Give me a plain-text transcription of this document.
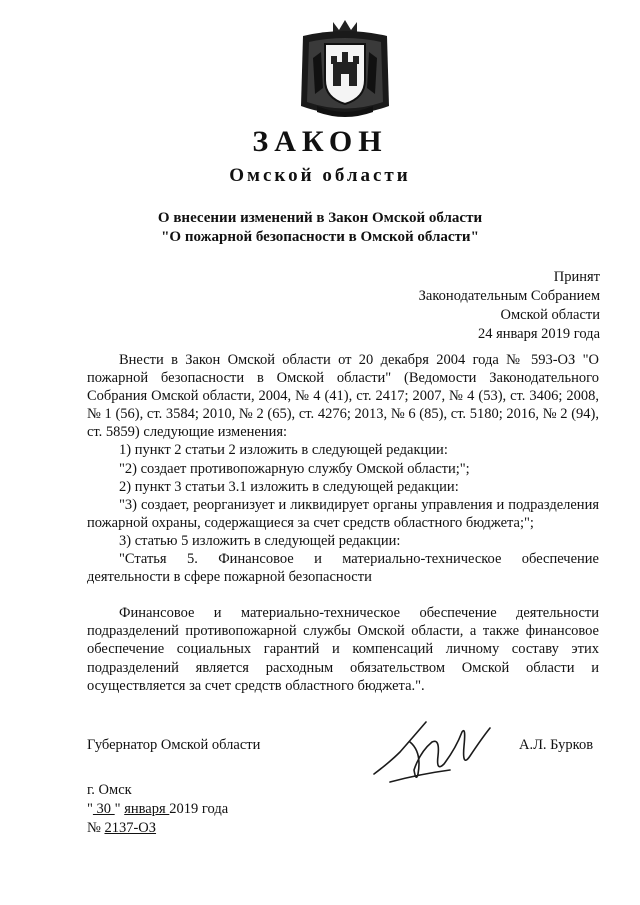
ЗАКОН
Омской области
О внесении изменений в Закон Омской области
"О пожарной безопасности в Омской области"
Принят
Законодательным Собранием
Омской области
24 января 2019 года

Внести в Закон Омской области от 20 декабря 2004 года № 593-ОЗ "О пожарной безопасности в Омской области" (Ведомости Законодательного Собрания Омской области, 2004, № 4 (41), ст. 2417; 2007, № 4 (53), ст. 3406; 2008, № 1 (56), ст. 3584; 2010, № 2 (65), ст. 4276; 2013, № 6 (85), ст. 5180; 2016, № 2 (94), ст. 5859) следующие изменения:

1) пункт 2 статьи 2 изложить в следующей редакции:

"2) создает противопожарную службу Омской области;";

2) пункт 3 статьи 3.1 изложить в следующей редакции:

"3) создает, реорганизует и ликвидирует органы управления и подразделения пожарной охраны, содержащиеся за счет средств областного бюджета;";

3) статью 5 изложить в следующей редакции:

"Статья 5. Финансовое и материально-техническое обеспечение деятельности в сфере пожарной безопасности

Финансовое и материально-техническое обеспечение деятельности подразделений противопожарной службы Омской области, а также финансовое обеспечение социальных гарантий и компенсаций личному составу этих подразделений является расходным обязательством Омской области и осуществляется за счет средств областного бюджета.".

Губернатор Омской области	А.Л. Бурков
г. Омск
" 30 " января 2019 года
№ 2137-ОЗ
